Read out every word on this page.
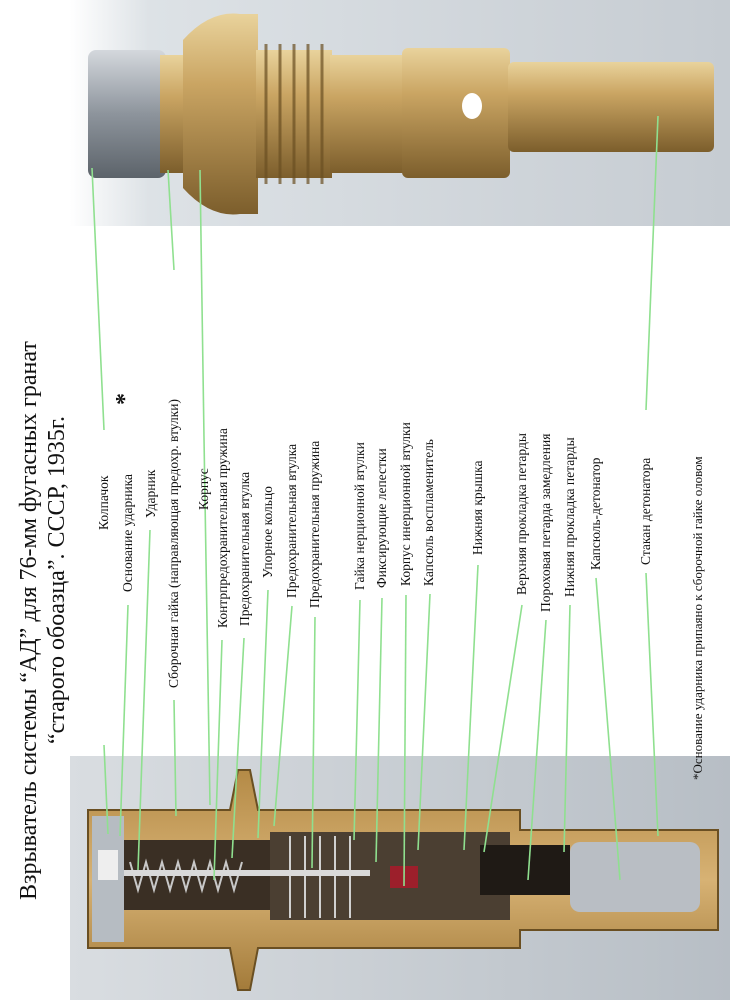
Взрыватель системы “АД” для 76-мм фугасных гранат “старого обоазца”. СССР, 1935г. Колпачок Основание ударника
*
Ударник Сборочная гайка (направляющая предохр. втулки) Корпус Контрпредохранительная пружина Предохранительная втулка Упорное кольцо Предохранительная втулка Предохранительная пружина Гайка нерционной втулки Фиксирующие лепестки Корпус инерционной втулки Капсюль воспламенитель	Нижняя крышка Верхняя прокладка петарды Пороховая петарда замедления Нижняя прокладка петарды Капсюль-детонатор	Стакан детонатора	*Основание ударника припаяно к сборочной гайке оловом
